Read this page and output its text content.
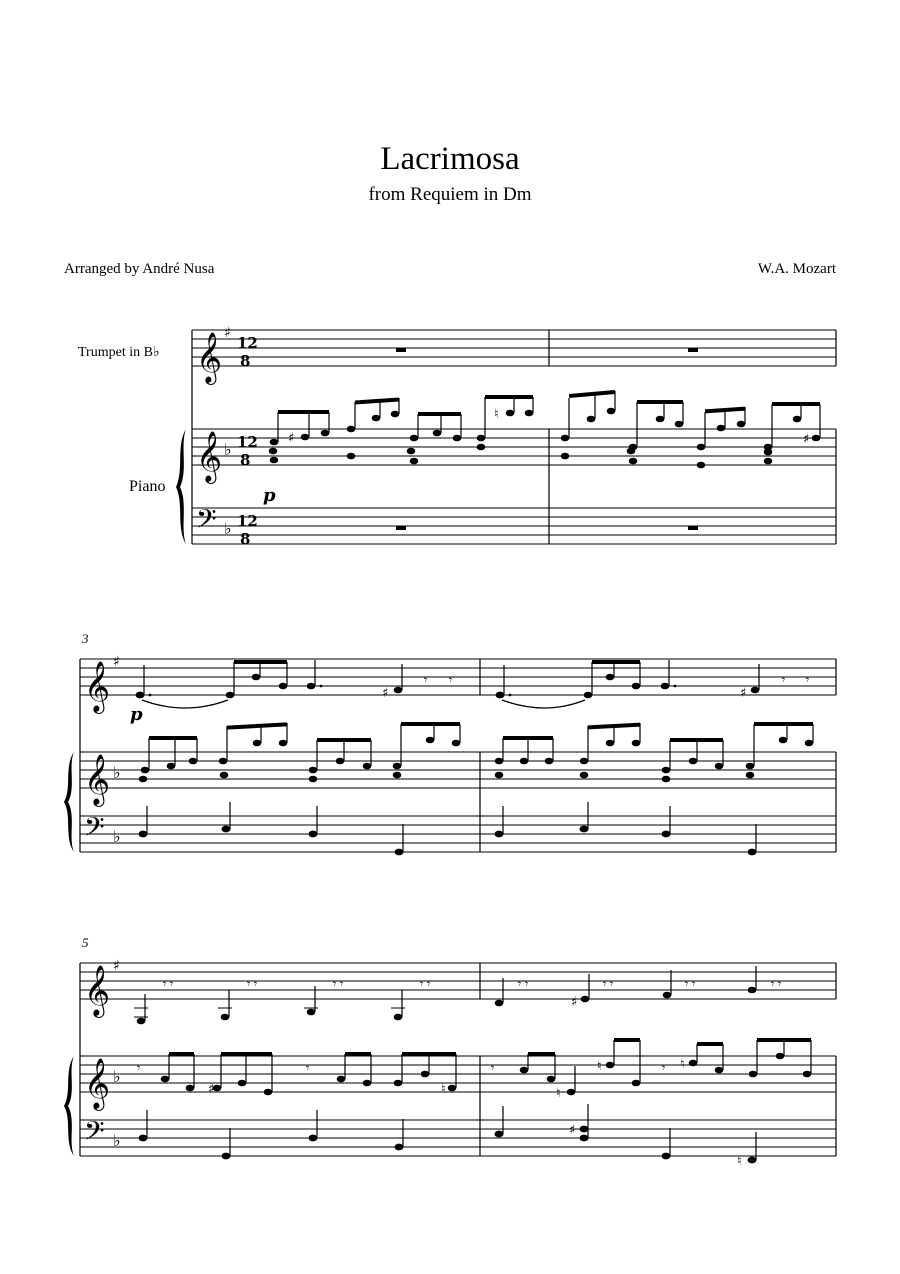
Lacrimosa
from Requiem in Dm
Arranged by André Nusa	W.A. Mozart
Trumpet in B♭
Piano
𝄞
𝄞
𝄢
♯
♭
♭
12
8
12
8
12
8
p
♯
♮
♯
3
𝄞
𝄞
𝄢
♯
♭
♭
p
♯
𝄾 𝄾
♯
𝄾 𝄾
5
𝄞
𝄞
𝄢
♯
♭
♭
𝄾 𝄾	𝄾 𝄾	𝄾 𝄾	𝄾 𝄾	𝄾 𝄾
♯
𝄾 𝄾	𝄾 𝄾	𝄾 𝄾
𝄾
♯
𝄾
♮
𝄾
♮
♮	𝄾 ♮
♯
♮
